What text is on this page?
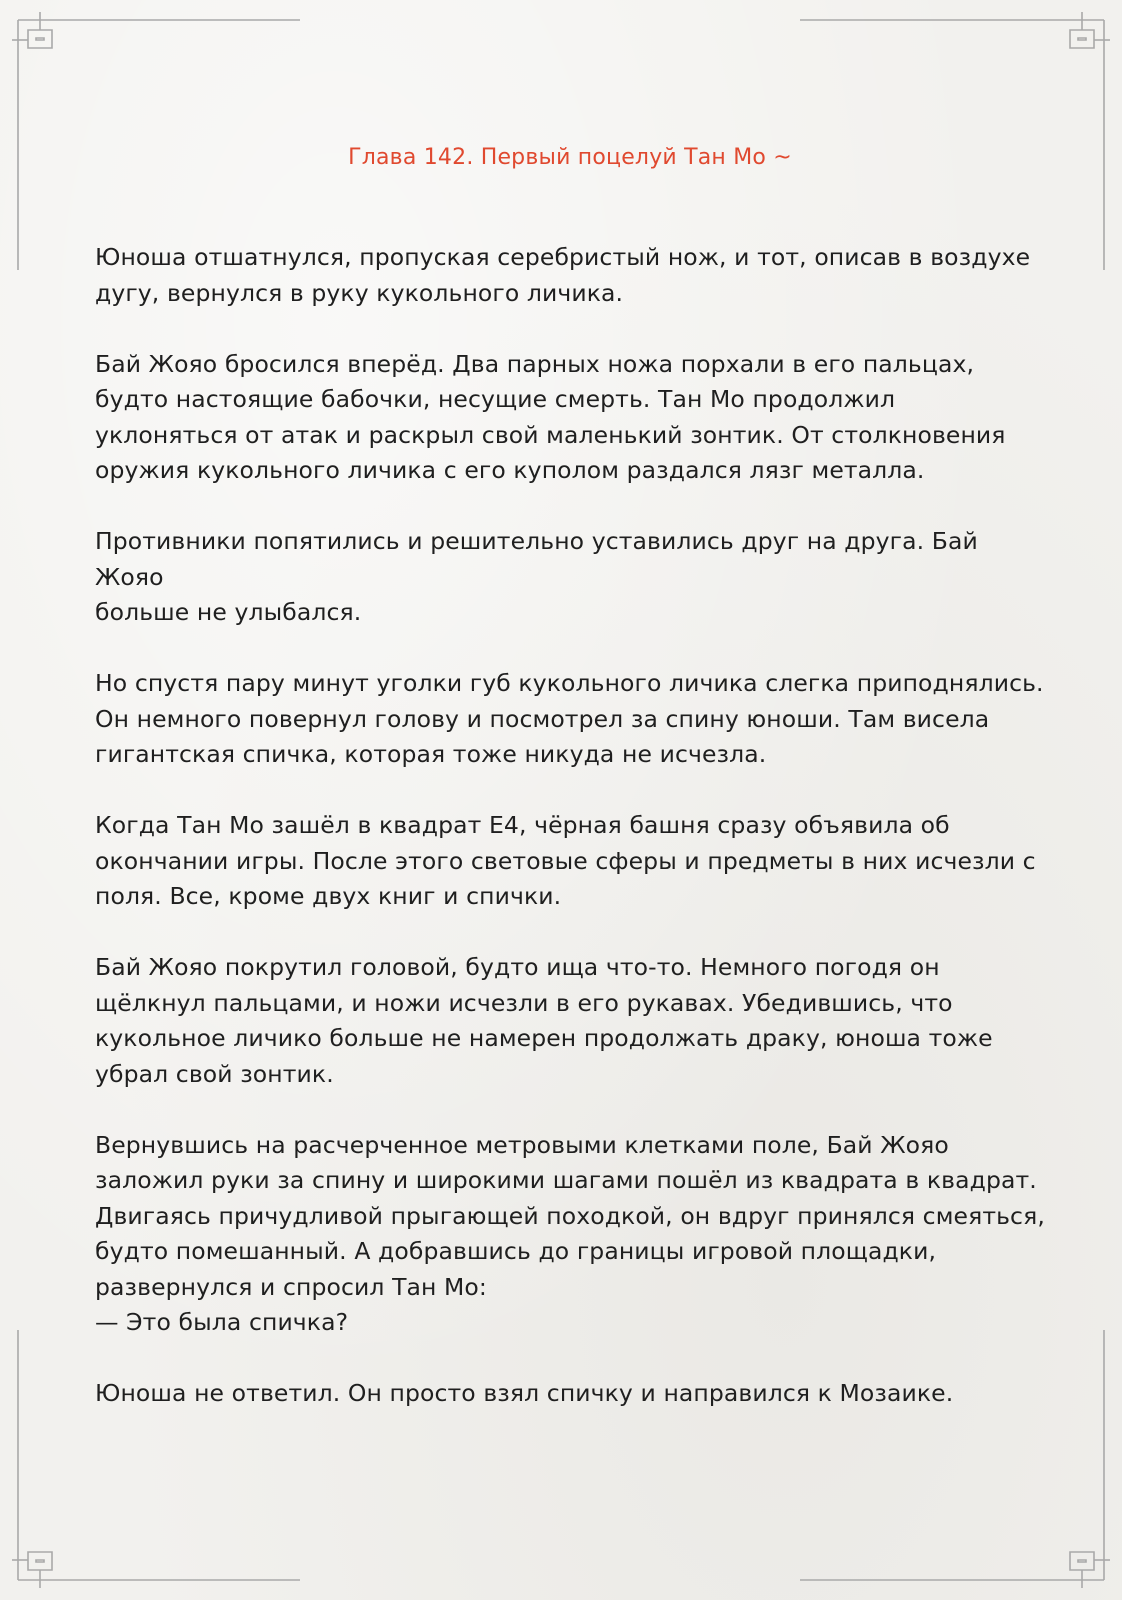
Глава 142. Первый поцелуй Тан Мо ~

Юноша отшатнулся, пропуская серебристый нож, и тот, описав в воздухе
дугу, вернулся в руку кукольного личика.

Бай Жояо бросился вперёд. Два парных ножа порхали в его пальцах,
будто настоящие бабочки, несущие смерть. Тан Мо продолжил
уклоняться от атак и раскрыл свой маленький зонтик. От столкновения
оружия кукольного личика с его куполом раздался лязг металла.

Противники попятились и решительно уставились друг на друга. Бай Жояо
больше не улыбался.

Но спустя пару минут уголки губ кукольного личика слегка приподнялись.
Он немного повернул голову и посмотрел за спину юноши. Там висела
гигантская спичка, которая тоже никуда не исчезла.

Когда Тан Мо зашёл в квадрат E4, чёрная башня сразу объявила об
окончании игры. После этого световые сферы и предметы в них исчезли с
поля. Все, кроме двух книг и спички.

Бай Жояо покрутил головой, будто ища что-то. Немного погодя он
щёлкнул пальцами, и ножи исчезли в его рукавах. Убедившись, что
кукольное личико больше не намерен продолжать драку, юноша тоже
убрал свой зонтик.

Вернувшись на расчерченное метровыми клетками поле, Бай Жояо
заложил руки за спину и широкими шагами пошёл из квадрата в квадрат.
Двигаясь причудливой прыгающей походкой, он вдруг принялся смеяться,
будто помешанный. А добравшись до границы игровой площадки,
развернулся и спросил Тан Мо:
— Это была спичка?

Юноша не ответил. Он просто взял спичку и направился к Мозаике.
